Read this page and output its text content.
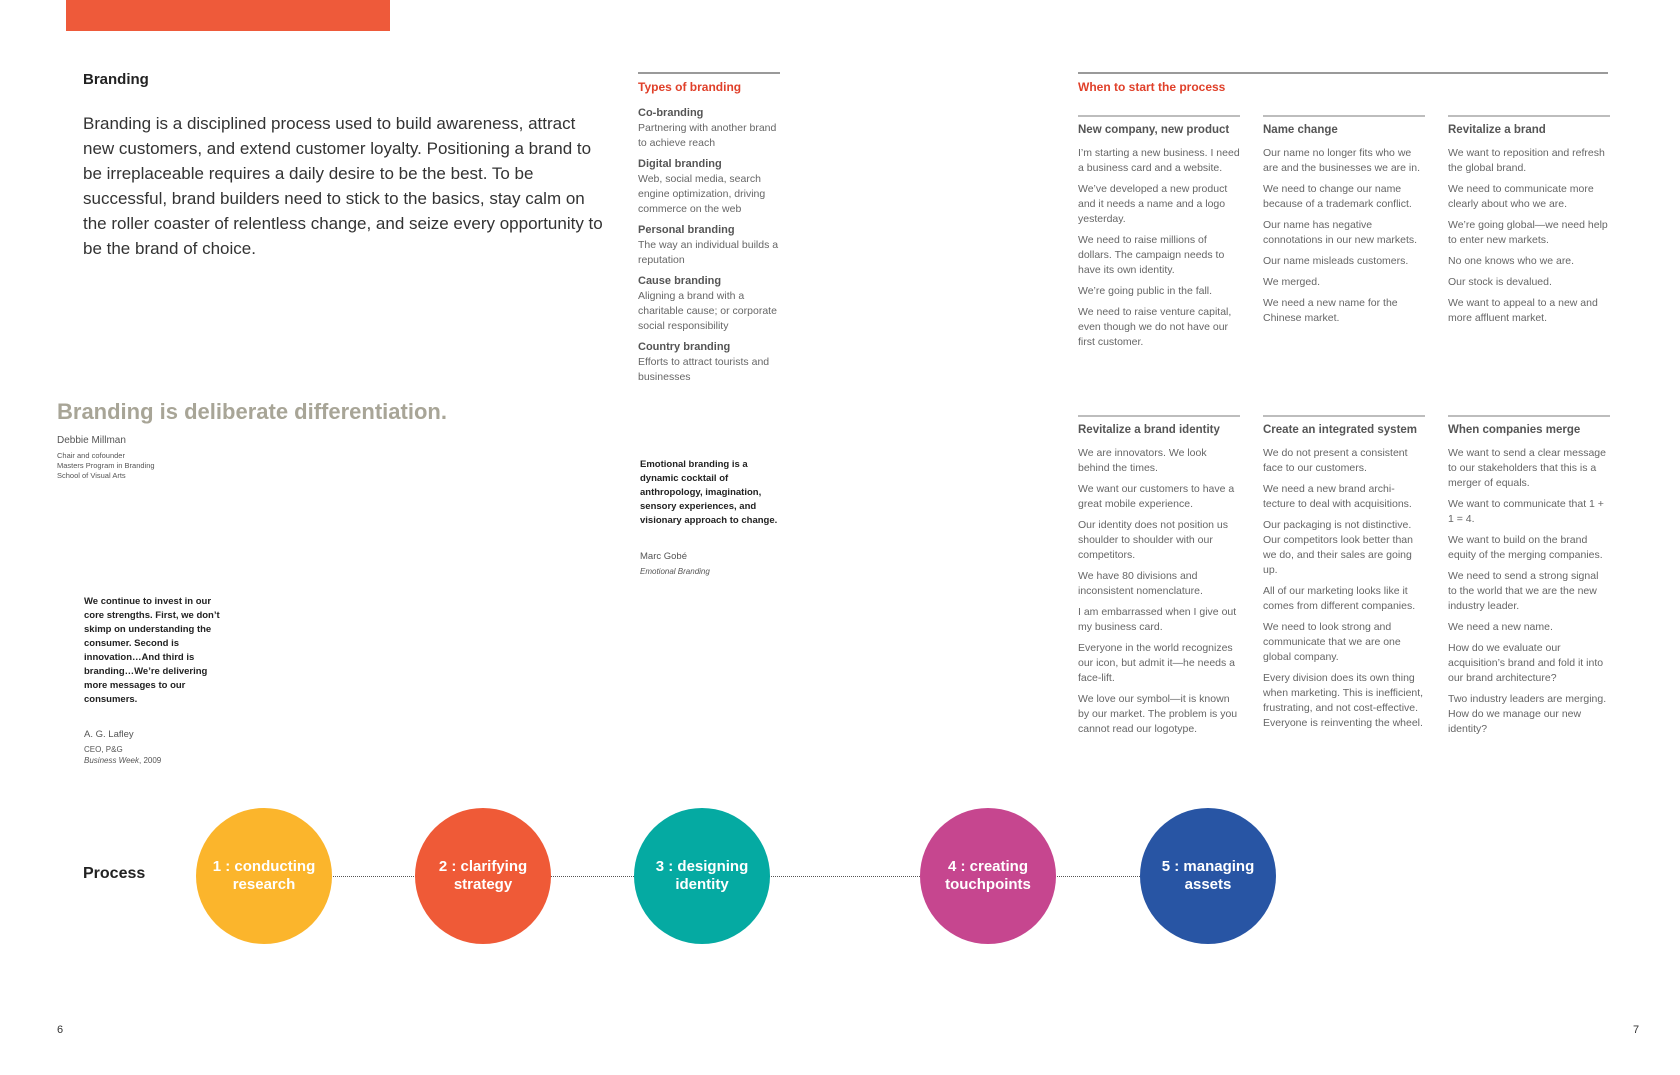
Branding
Branding is a disciplined process used to build awareness, attract new customers, and extend customer loyalty. Positioning a brand to be irreplaceable requires a daily desire to be the best. To be successful, brand builders need to stick to the basics, stay calm on the roller coaster of relentless change, and seize every opportunity to be the brand of choice.
Branding is deliberate differentiation.
Debbie Millman
Chair and cofounder
Masters Program in Branding
School of Visual Arts
We continue to invest in our core strengths. First, we don’t skimp on understanding the consumer. Second is innovation…And third is branding…We’re delivering more messages to our consumers.
A. G. Lafley
CEO, P&G
Business Week, 2009
Types of branding
Co-branding
Partnering with another brand to achieve reach
Digital branding
Web, social media, search engine optimization, driving commerce on the web
Personal branding
The way an individual builds a reputation
Cause branding
Aligning a brand with a charitable cause; or corporate social responsibility
Country branding
Efforts to attract tourists and businesses
Emotional branding is a dynamic cocktail of anthropology, imagination, sensory experiences, and visionary approach to change.
Marc Gobé
Emotional Branding
When to start the process
New company, new product
I’m starting a new business. I need a business card and a website.
We’ve developed a new product and it needs a name and a logo yesterday.
We need to raise millions of dollars. The campaign needs to have its own identity.
We’re going public in the fall.
We need to raise venture capital, even though we do not have our first customer.
Name change
Our name no longer fits who we are and the businesses we are in.
We need to change our name because of a trademark conflict.
Our name has negative connotations in our new markets.
Our name misleads customers.
We merged.
We need a new name for the Chinese market.
Revitalize a brand
We want to reposition and refresh the global brand.
We need to communicate more clearly about who we are.
We’re going global—we need help to enter new markets.
No one knows who we are.
Our stock is devalued.
We want to appeal to a new and more affluent market.
Revitalize a brand identity
We are innovators. We look behind the times.
We want our customers to have a great mobile experience.
Our identity does not position us shoulder to shoulder with our competitors.
We have 80 divisions and inconsistent nomenclature.
I am embarrassed when I give out my business card.
Everyone in the world recognizes our icon, but admit it—he needs a face-lift.
We love our symbol—it is known by our market. The problem is you cannot read our logotype.
Create an integrated system
We do not present a consistent face to our customers.
We need a new brand archi-tecture to deal with acquisitions.
Our packaging is not distinctive. Our competitors look better than we do, and their sales are going up.
All of our marketing looks like it comes from different companies.
We need to look strong and communicate that we are one global company.
Every division does its own thing when marketing. This is inefficient, frustrating, and not cost-effective. Everyone is reinventing the wheel.
When companies merge
We want to send a clear message to our stakeholders that this is a merger of equals.
We want to communicate that 1 + 1 = 4.
We want to build on the brand equity of the merging companies.
We need to send a strong signal to the world that we are the new industry leader.
We need a new name.
How do we evaluate our acquisition’s brand and fold it into our brand architecture?
Two industry leaders are merging. How do we manage our new identity?
Process	1 : conducting research
2 : clarifying strategy
3 : designing identity
4 : creating touchpoints
5 : managing assets
6	7
